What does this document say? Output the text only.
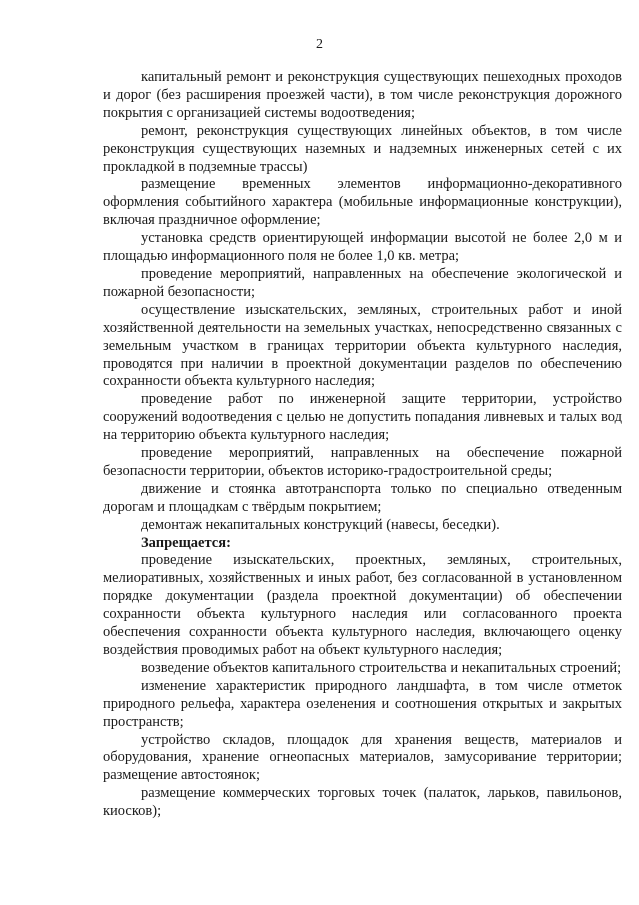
2

капитальный ремонт и реконструкция существующих пешеходных проходов и дорог (без расширения проезжей части), в том числе реконструкция дорожного покрытия с организацией системы водоотведения;

ремонт, реконструкция существующих линейных объектов, в том числе реконструкция существующих наземных и надземных инженерных сетей с их прокладкой в подземные трассы)

размещение временных элементов информационно-декоративного оформления событийного характера (мобильные информационные конструкции), включая праздничное оформление;

установка средств ориентирующей информации высотой не более 2,0 м и площадью информационного поля не более 1,0 кв. метра;

проведение мероприятий, направленных на обеспечение экологической и пожарной безопасности;

осуществление изыскательских, земляных, строительных работ и иной хозяйственной деятельности на земельных участках, непосредственно связанных с земельным участком в границах территории объекта культурного наследия, проводятся при наличии в проектной документации разделов по обеспечению сохранности объекта культурного наследия;

проведение работ по инженерной защите территории, устройство сооружений водоотведения с целью не допустить попадания ливневых и талых вод на территорию объекта культурного наследия;

проведение мероприятий, направленных на обеспечение пожарной безопасности территории, объектов историко-градостроительной среды;

движение и стоянка автотранспорта только по специально отведенным дорогам и площадкам с твёрдым покрытием;

демонтаж некапитальных конструкций (навесы, беседки).

Запрещается:

проведение изыскательских, проектных, земляных, строительных, мелиоративных, хозяйственных и иных работ, без согласованной в установленном порядке документации (раздела проектной документации) об обеспечении сохранности объекта культурного наследия или согласованного проекта обеспечения сохранности объекта культурного наследия, включающего оценку воздействия проводимых работ на объект культурного наследия;

возведение объектов капитального строительства и некапитальных строений;

изменение характеристик природного ландшафта, в том числе отметок природного рельефа, характера озеленения и соотношения открытых и закрытых пространств;

устройство складов, площадок для хранения веществ, материалов и оборудования, хранение огнеопасных материалов, замусоривание территории; размещение автостоянок;

размещение коммерческих торговых точек (палаток, ларьков, павильонов, киосков);
